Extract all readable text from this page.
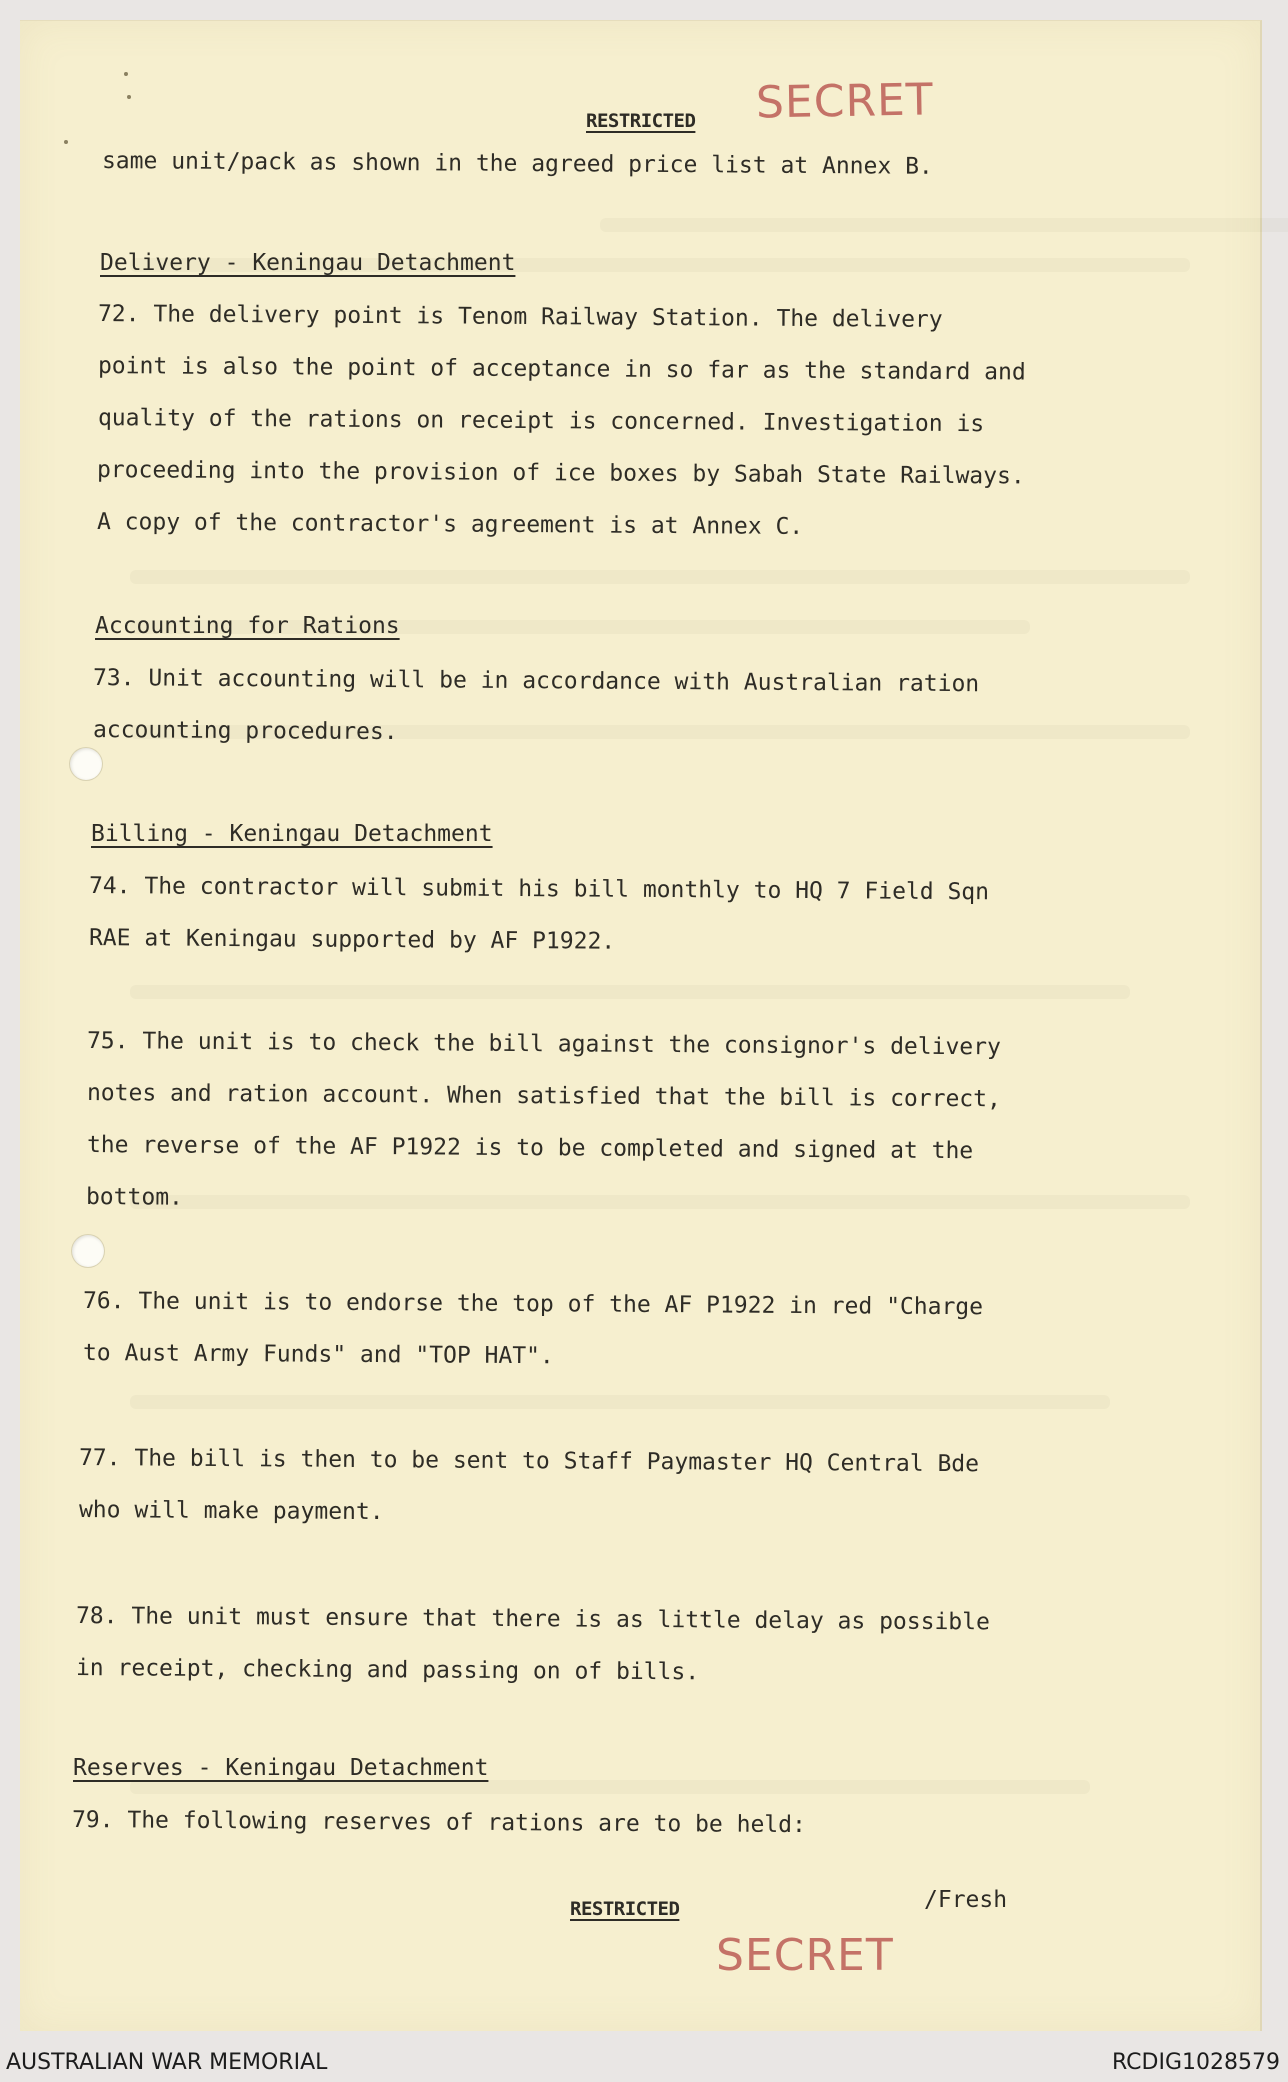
RESTRICTED SECRET

same unit/pack as shown in the agreed price list at Annex B.

Delivery - Keningau Detachment

72. The delivery point is Tenom Railway Station. The delivery

point is also the point of acceptance in so far as the standard and

quality of the rations on receipt is concerned. Investigation is

proceeding into the provision of ice boxes by Sabah State Railways.

A copy of the contractor's agreement is at Annex C.

Accounting for Rations

73. Unit accounting will be in accordance with Australian ration

accounting procedures.

Billing - Keningau Detachment

74. The contractor will submit his bill monthly to HQ 7 Field Sqn

RAE at Keningau supported by AF P1922.

75. The unit is to check the bill against the consignor's delivery

notes and ration account. When satisfied that the bill is correct,

the reverse of the AF P1922 is to be completed and signed at the

bottom.

76. The unit is to endorse the top of the AF P1922 in red "Charge

to Aust Army Funds" and "TOP HAT".

77. The bill is then to be sent to Staff Paymaster HQ Central Bde

who will make payment.

78. The unit must ensure that there is as little delay as possible

in receipt, checking and passing on of bills.

Reserves - Keningau Detachment

79. The following reserves of rations are to be held:

/Fresh

RESTRICTED
SECRET
AUSTRALIAN WAR MEMORIAL	RCDIG1028579
